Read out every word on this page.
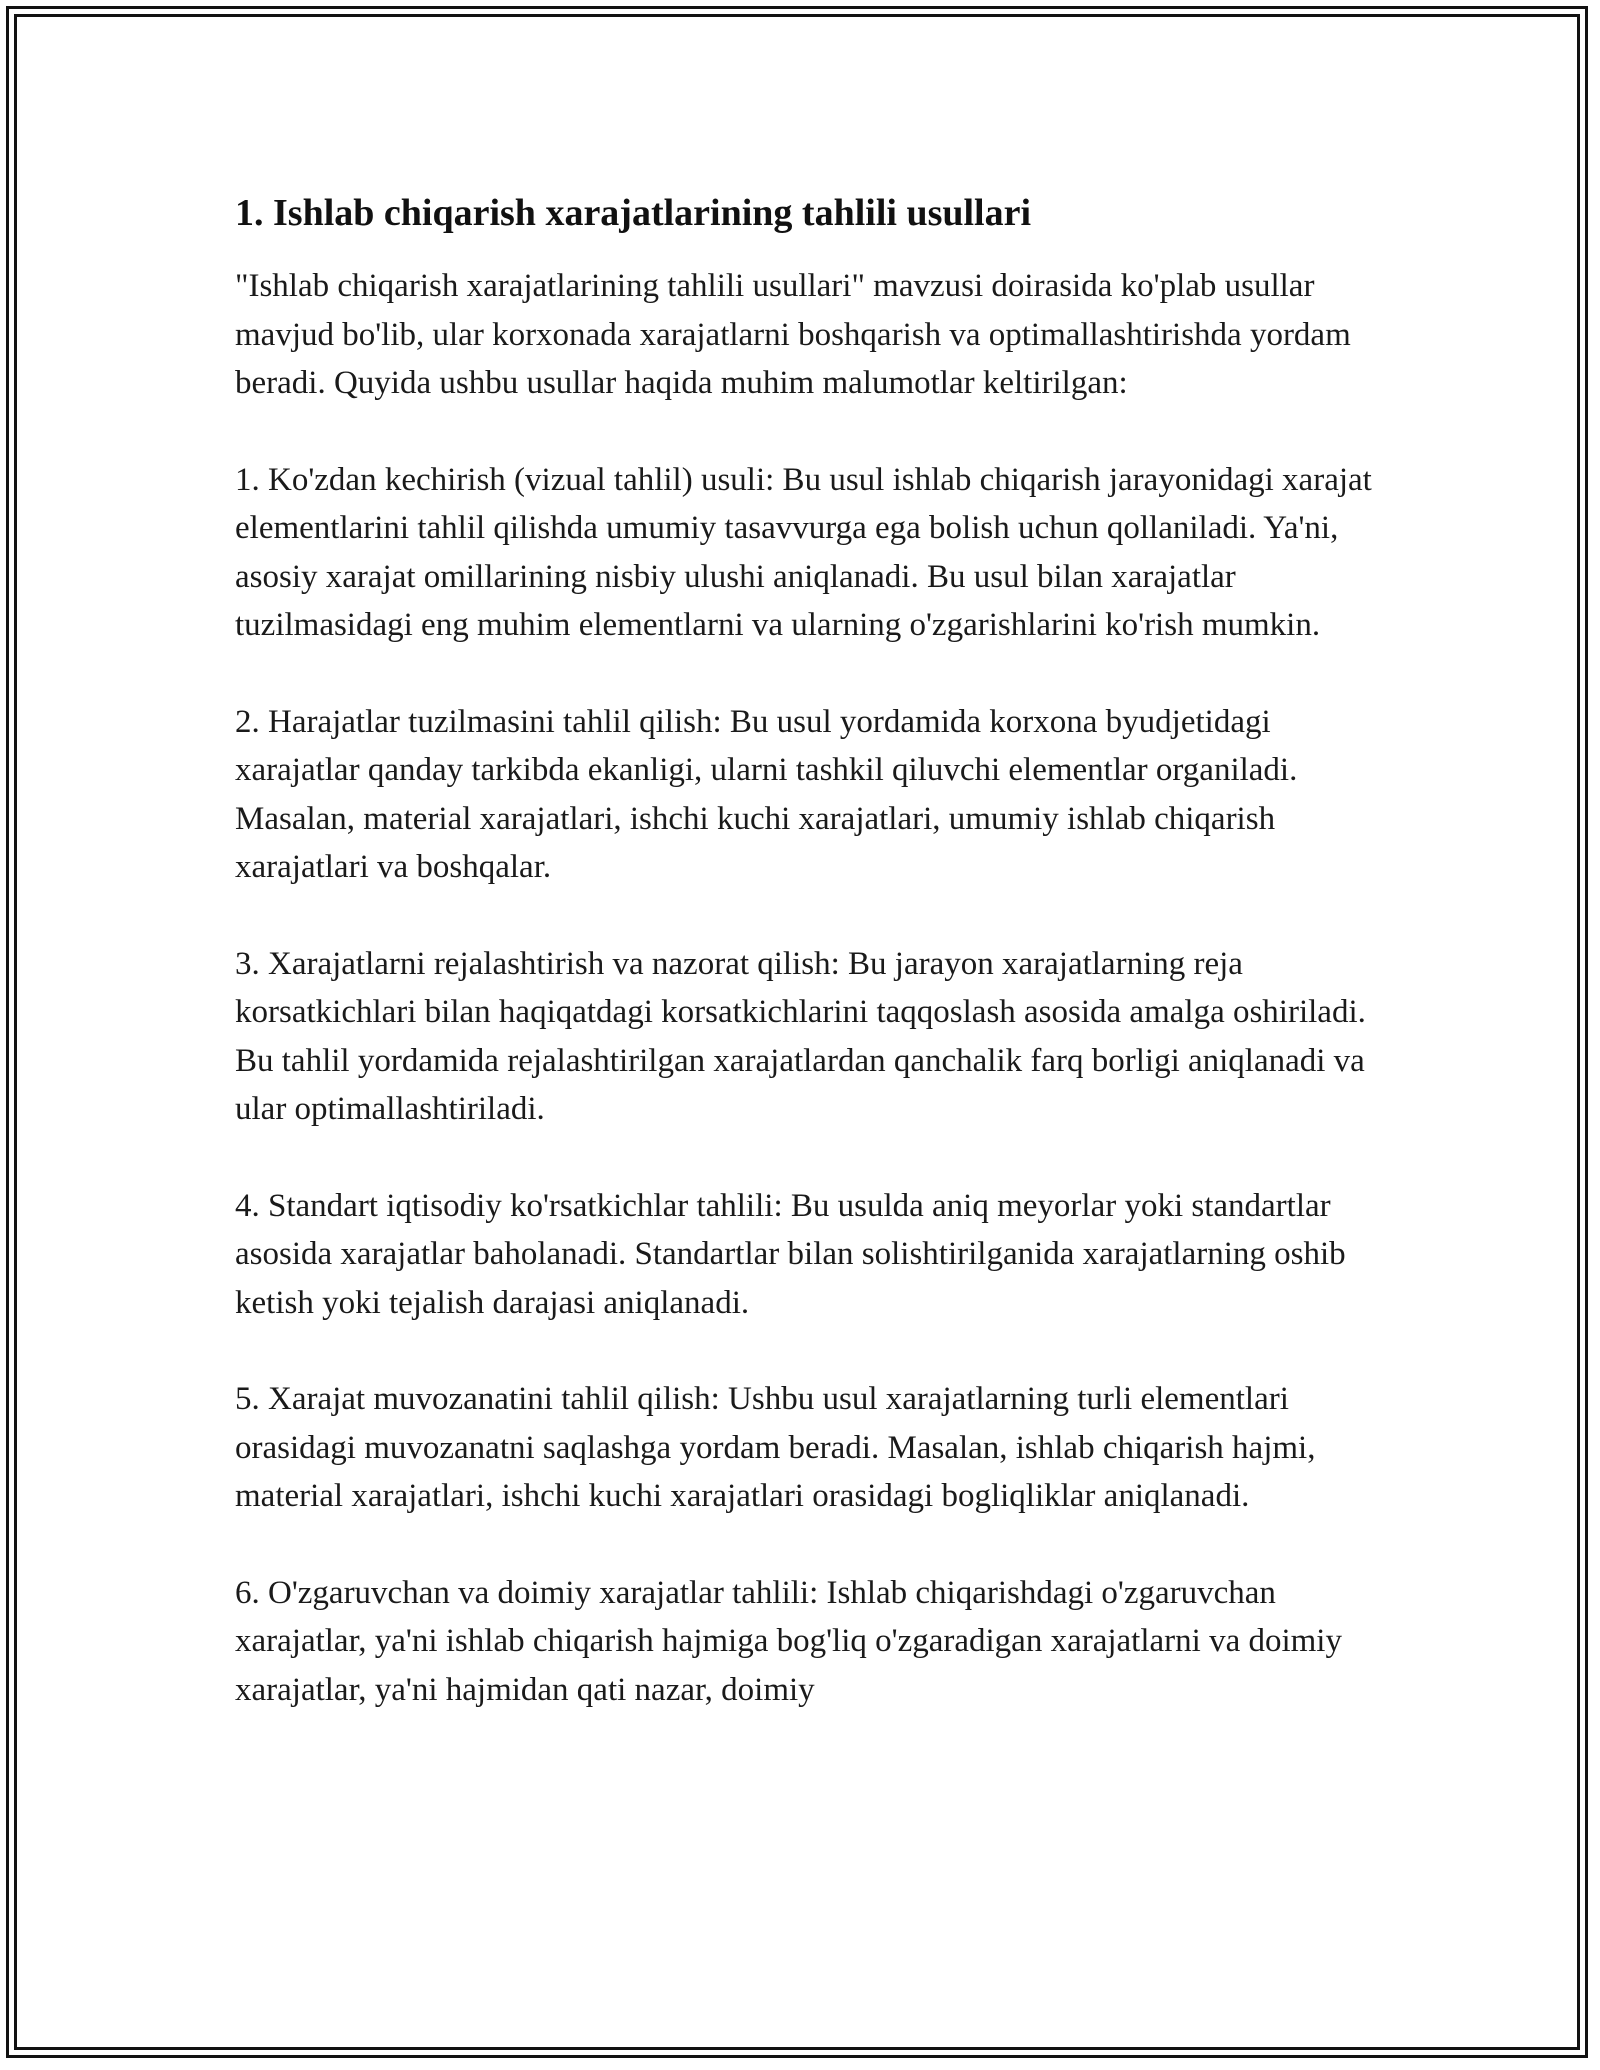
1. Ishlab chiqarish xarajatlarining tahlili usullari

"Ishlab chiqarish xarajatlarining tahlili usullari" mavzusi doirasida ko'plab usullar mavjud bo'lib, ular korxonada xarajatlarni boshqarish va optimallashtirishda yordam beradi. Quyida ushbu usullar haqida muhim malumotlar keltirilgan:

1. Ko'zdan kechirish (vizual tahlil) usuli: Bu usul ishlab chiqarish jarayonidagi xarajat elementlarini tahlil qilishda umumiy tasavvurga ega bolish uchun qollaniladi. Ya'ni, asosiy xarajat omillarining nisbiy ulushi aniqlanadi. Bu usul bilan xarajatlar tuzilmasidagi eng muhim elementlarni va ularning o'zgarishlarini ko'rish mumkin.

2. Harajatlar tuzilmasini tahlil qilish: Bu usul yordamida korxona byudjetidagi xarajatlar qanday tarkibda ekanligi, ularni tashkil qiluvchi elementlar organiladi. Masalan, material xarajatlari, ishchi kuchi xarajatlari, umumiy ishlab chiqarish xarajatlari va boshqalar.

3. Xarajatlarni rejalashtirish va nazorat qilish: Bu jarayon xarajatlarning reja korsatkichlari bilan haqiqatdagi korsatkichlarini taqqoslash asosida amalga oshiriladi. Bu tahlil yordamida rejalashtirilgan xarajatlardan qanchalik farq borligi aniqlanadi va ular optimallashtiriladi.

4. Standart iqtisodiy ko'rsatkichlar tahlili: Bu usulda aniq meyorlar yoki standartlar asosida xarajatlar baholanadi. Standartlar bilan solishtirilganida xarajatlarning oshib ketish yoki tejalish darajasi aniqlanadi.

5. Xarajat muvozanatini tahlil qilish: Ushbu usul xarajatlarning turli elementlari orasidagi muvozanatni saqlashga yordam beradi. Masalan, ishlab chiqarish hajmi, material xarajatlari, ishchi kuchi xarajatlari orasidagi bogliqliklar aniqlanadi.

6. O'zgaruvchan va doimiy xarajatlar tahlili: Ishlab chiqarishdagi o'zgaruvchan xarajatlar, ya'ni ishlab chiqarish hajmiga bog'liq o'zgaradigan xarajatlarni va doimiy xarajatlar, ya'ni hajmidan qati nazar, doimiy
